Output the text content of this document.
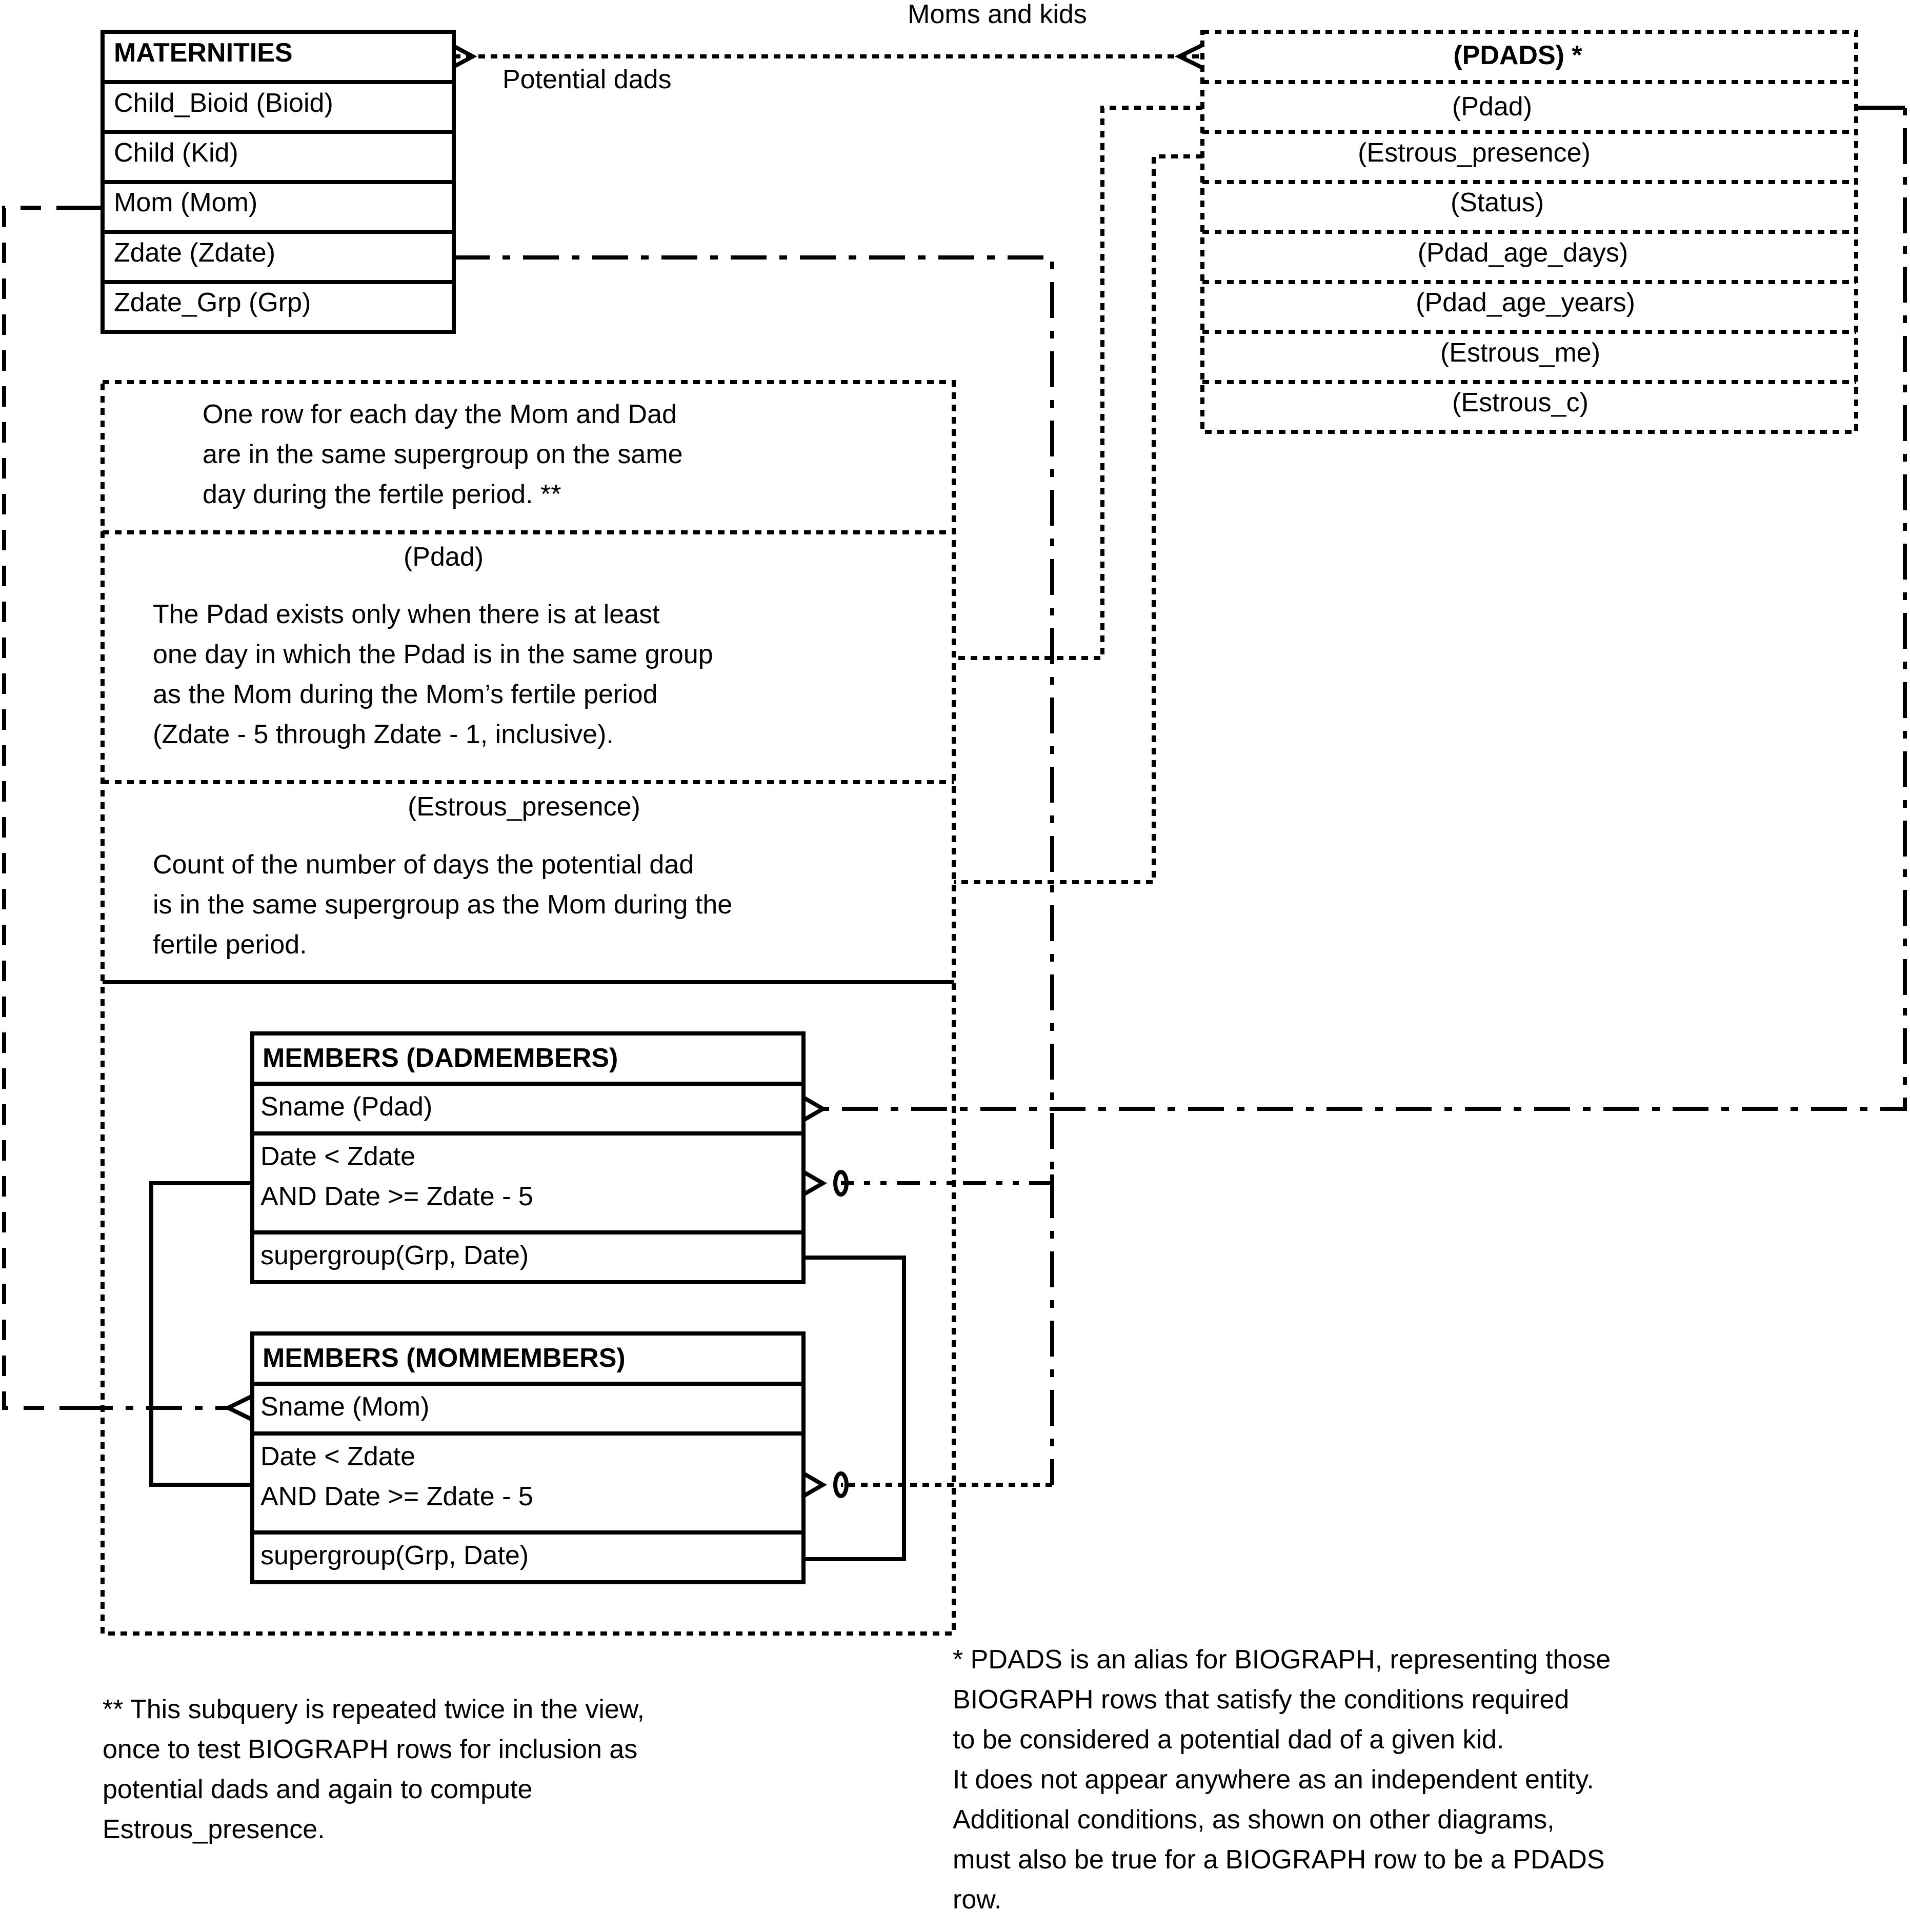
MATERNITIES
Child_Bioid (Bioid)
Child (Kid)
Mom (Mom)
Zdate (Zdate)
Zdate_Grp (Grp)
Moms and kids
Potential dads
(PDADS) *
(Pdad)
(Estrous_presence)
(Status)
(Pdad_age_days)
(Pdad_age_years)
(Estrous_me)
(Estrous_c)
One row for each day the Mom and Dad
are in the same supergroup on the same
day during the fertile period. **
(Pdad)
The Pdad exists only when there is at least
one day in which the Pdad is in the same group
as the Mom during the Mom’s fertile period
(Zdate - 5 through Zdate - 1, inclusive).
(Estrous_presence)
Count of the number of days the potential dad
is in the same supergroup as the Mom during the
fertile period.
MEMBERS (DADMEMBERS)
Sname (Pdad)
Date < Zdate
AND Date >= Zdate - 5
supergroup(Grp, Date)
MEMBERS (MOMMEMBERS)
Sname (Mom)
Date < Zdate
AND Date >= Zdate - 5
supergroup(Grp, Date)
** This subquery is repeated twice in the view,
once to test BIOGRAPH rows for inclusion as
potential dads and again to compute
Estrous_presence.
* PDADS is an alias for BIOGRAPH, representing those
BIOGRAPH rows that satisfy the conditions required
to be considered a potential dad of a given kid.
It does not appear anywhere as an independent entity.
Additional conditions, as shown on other diagrams,
must also be true for a BIOGRAPH row to be a PDADS
row.
